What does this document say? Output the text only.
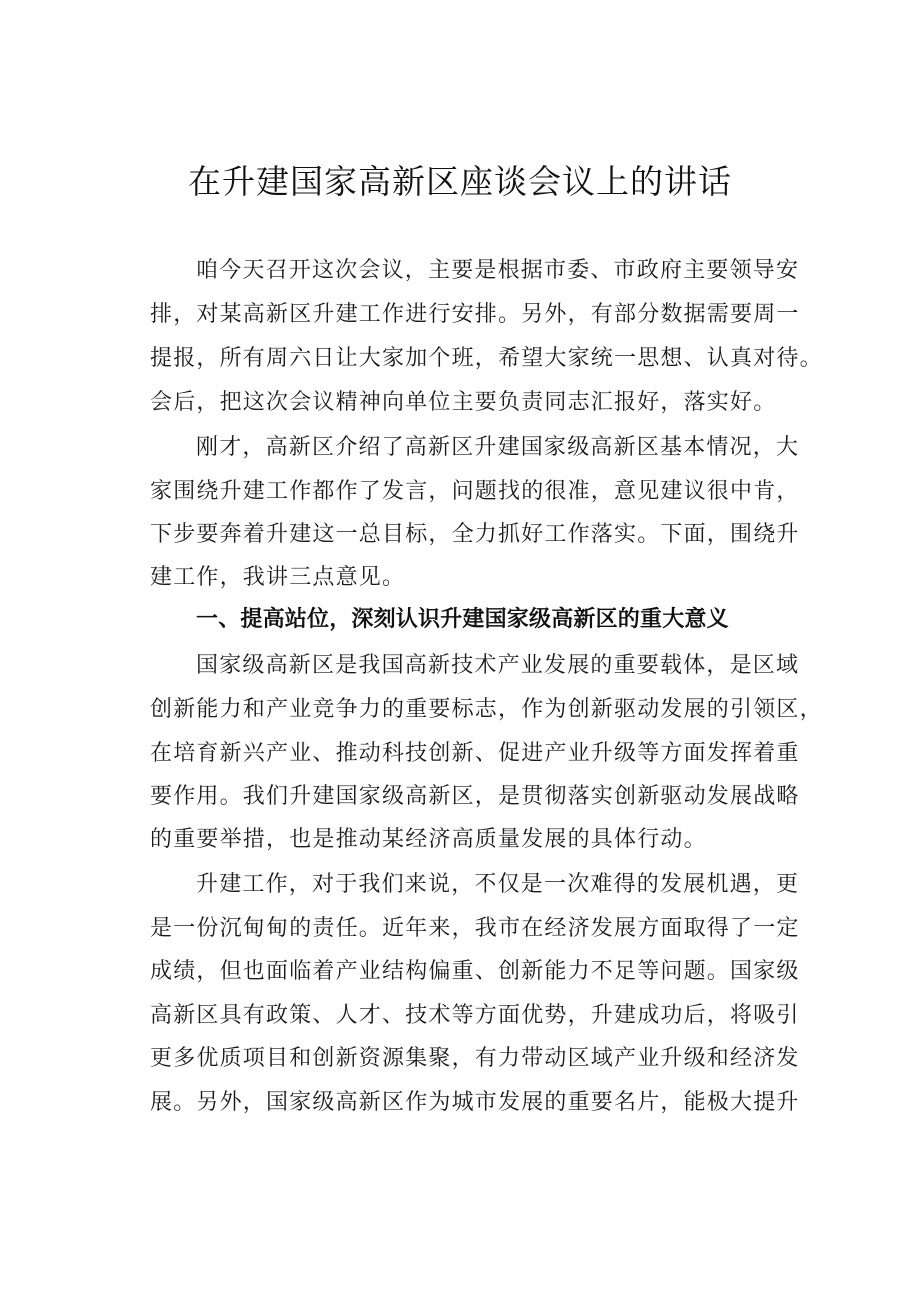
在升建国家高新区座谈会议上的讲话
咱今天召开这次会议，主要是根据市委、市政府主要领导安
排，对某高新区升建工作进行安排。另外，有部分数据需要周一
提报，所有周六日让大家加个班，希望大家统一思想、认真对待。
会后，把这次会议精神向单位主要负责同志汇报好，落实好。
刚才，高新区介绍了高新区升建国家级高新区基本情况，大
家围绕升建工作都作了发言，问题找的很准，意见建议很中肯，
下步要奔着升建这一总目标，全力抓好工作落实。下面，围绕升
建工作，我讲三点意见。
一、提高站位，深刻认识升建国家级高新区的重大意义
国家级高新区是我国高新技术产业发展的重要载体，是区域
创新能力和产业竞争力的重要标志，作为创新驱动发展的引领区，
在培育新兴产业、推动科技创新、促进产业升级等方面发挥着重
要作用。我们升建国家级高新区，是贯彻落实创新驱动发展战略
的重要举措，也是推动某经济高质量发展的具体行动。
升建工作，对于我们来说，不仅是一次难得的发展机遇，更
是一份沉甸甸的责任。近年来，我市在经济发展方面取得了一定
成绩，但也面临着产业结构偏重、创新能力不足等问题。国家级
高新区具有政策、人才、技术等方面优势，升建成功后，将吸引
更多优质项目和创新资源集聚，有力带动区域产业升级和经济发
展。另外，国家级高新区作为城市发展的重要名片，能极大提升
